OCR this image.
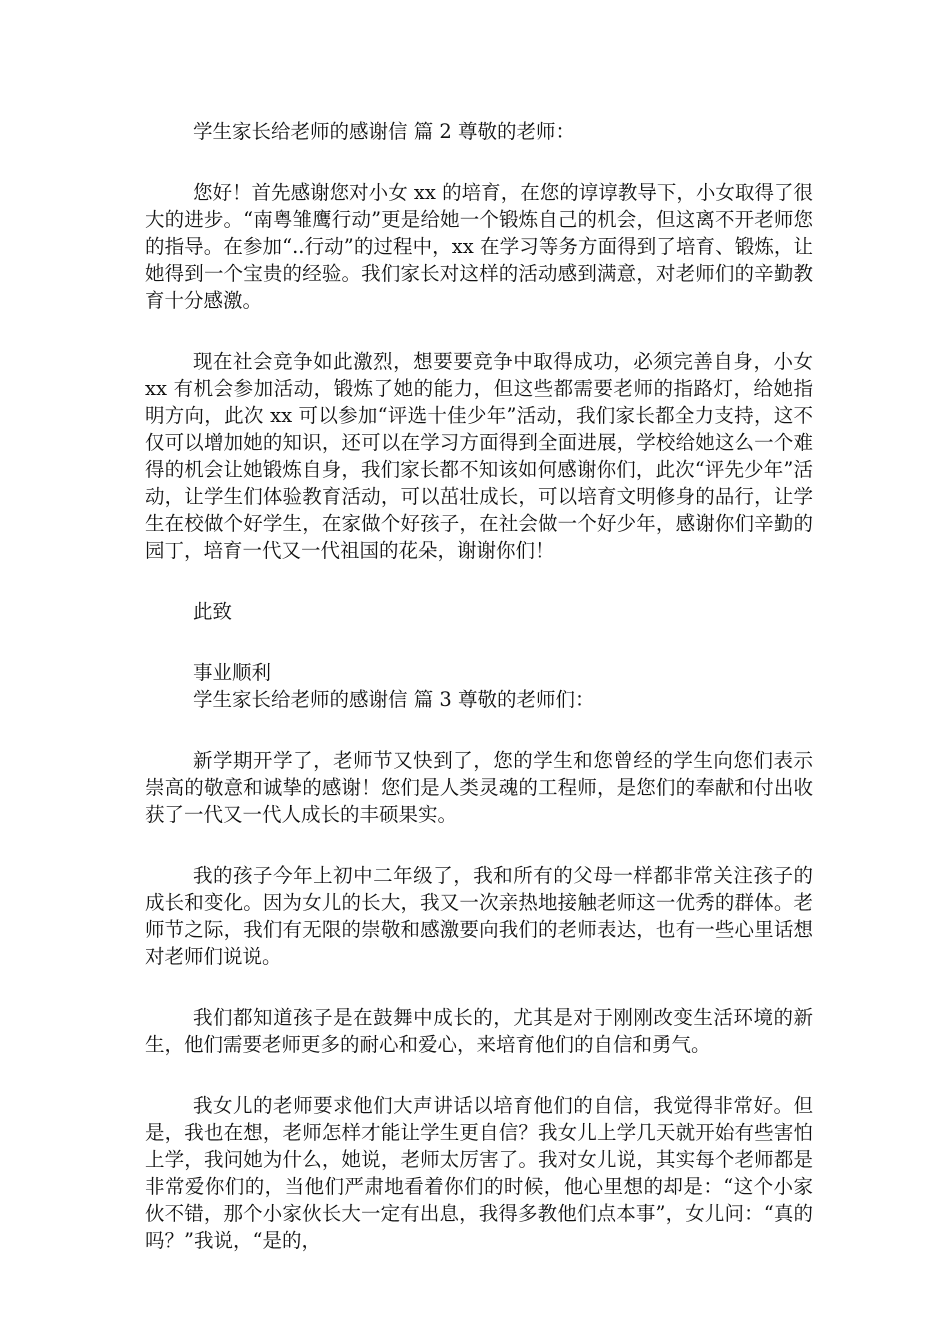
学生家长给老师的感谢信 篇 2 尊敬的老师：

您好！首先感谢您对小女 xx 的培育，在您的谆谆教导下，小女取得了很大的进步。“南粤雏鹰行动”更是给她一个锻炼自己的机会，但这离不开老师您的指导。在参加“..行动”的过程中，xx 在学习等务方面得到了培育、锻炼，让她得到一个宝贵的经验。我们家长对这样的活动感到满意，对老师们的辛勤教育十分感激。

现在社会竞争如此激烈，想要要竞争中取得成功，必须完善自身，小女 xx 有机会参加活动，锻炼了她的能力，但这些都需要老师的指路灯，给她指明方向，此次 xx 可以参加“评选十佳少年”活动，我们家长都全力支持，这不仅可以增加她的知识，还可以在学习方面得到全面进展，学校给她这么一个难得的机会让她锻炼自身，我们家长都不知该如何感谢你们，此次“评先少年”活动，让学生们体验教育活动，可以茁壮成长，可以培育文明修身的品行，让学生在校做个好学生，在家做个好孩子，在社会做一个好少年，感谢你们辛勤的园丁，培育一代又一代祖国的花朵，谢谢你们！

此致

事业顺利

学生家长给老师的感谢信 篇 3 尊敬的老师们：

新学期开学了，老师节又快到了，您的学生和您曾经的学生向您们表示崇高的敬意和诚挚的感谢！您们是人类灵魂的工程师，是您们的奉献和付出收获了一代又一代人成长的丰硕果实。

我的孩子今年上初中二年级了，我和所有的父母一样都非常关注孩子的成长和变化。因为女儿的长大，我又一次亲热地接触老师这一优秀的群体。老师节之际，我们有无限的崇敬和感激要向我们的老师表达，也有一些心里话想对老师们说说。

我们都知道孩子是在鼓舞中成长的，尤其是对于刚刚改变生活环境的新生，他们需要老师更多的耐心和爱心，来培育他们的自信和勇气。

我女儿的老师要求他们大声讲话以培育他们的自信，我觉得非常好。但是，我也在想，老师怎样才能让学生更自信？我女儿上学几天就开始有些害怕上学，我问她为什么，她说，老师太厉害了。我对女儿说，其实每个老师都是非常爱你们的，当他们严肃地看着你们的时候，他心里想的却是：“这个小家伙不错，那个小家伙长大一定有出息，我得多教他们点本事”，女儿问：“真的吗？”我说，“是的，
